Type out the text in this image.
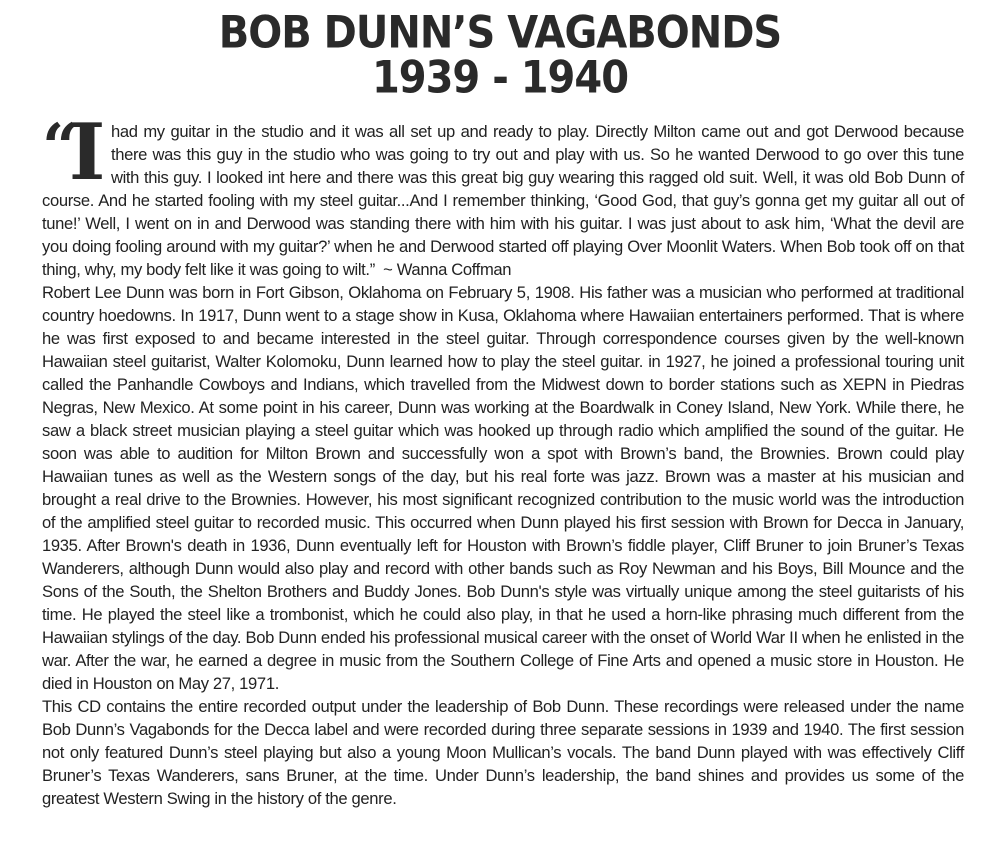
BOB DUNN’S VAGABONDS
1939 - 1940

“
I had my guitar in the studio and it was all set up and ready to play. Directly Milton came out and got Derwood because there was this guy in the studio who was going to try out and play with us. So he wanted Derwood to go over this tune with this guy. I looked int here and there was this great big guy wearing this ragged old suit. Well, it was old Bob Dunn of course. And he started fooling with my steel guitar...And I remember thinking, ‘Good God, that guy’s gonna get my guitar all out of tune!’ Well, I went on in and Derwood was standing there with him with his guitar. I was just about to ask him, ‘What the devil are you doing fooling around with my guitar?’ when he and Derwood started off playing Over Moonlit Waters. When Bob took off on that thing, why, my body felt like it was going to wilt.” ~ Wanna Coffman

Robert Lee Dunn was born in Fort Gibson, Oklahoma on February 5, 1908. His father was a musician who performed at traditional country hoedowns. In 1917, Dunn went to a stage show in Kusa, Oklahoma where Hawaiian entertainers performed. That is where he was first exposed to and became interested in the steel guitar. Through correspondence courses given by the well-known Hawaiian steel guitarist, Walter Kolomoku, Dunn learned how to play the steel guitar. in 1927, he joined a professional touring unit called the Panhandle Cowboys and Indians, which travelled from the Midwest down to border stations such as XEPN in Piedras Negras, New Mexico. At some point in his career, Dunn was working at the Boardwalk in Coney Island, New York. While there, he saw a black street musician playing a steel guitar which was hooked up through radio which amplified the sound of the guitar. He soon was able to audition for Milton Brown and successfully won a spot with Brown’s band, the Brownies. Brown could play Hawaiian tunes as well as the Western songs of the day, but his real forte was jazz. Brown was a master at his musician and brought a real drive to the Brownies. However, his most significant recognized contribution to the music world was the introduction of the amplified steel guitar to recorded music. This occurred when Dunn played his first session with Brown for Decca in January, 1935. After Brown's death in 1936, Dunn eventually left for Houston with Brown’s fiddle player, Cliff Bruner to join Bruner’s Texas Wanderers, although Dunn would also play and record with other bands such as Roy Newman and his Boys, Bill Mounce and the Sons of the South, the Shelton Brothers and Buddy Jones. Bob Dunn's style was virtually unique among the steel guitarists of his time. He played the steel like a trombonist, which he could also play, in that he used a horn-like phrasing much different from the Hawaiian stylings of the day. Bob Dunn ended his professional musical career with the onset of World War II when he enlisted in the war. After the war, he earned a degree in music from the Southern College of Fine Arts and opened a music store in Houston. He died in Houston on May 27, 1971.

This CD contains the entire recorded output under the leadership of Bob Dunn. These recordings were released under the name Bob Dunn’s Vagabonds for the Decca label and were recorded during three separate sessions in 1939 and 1940. The first session not only featured Dunn’s steel playing but also a young Moon Mullican’s vocals. The band Dunn played with was effectively Cliff Bruner’s Texas Wanderers, sans Bruner, at the time. Under Dunn’s leadership, the band shines and provides us some of the greatest Western Swing in the history of the genre.
